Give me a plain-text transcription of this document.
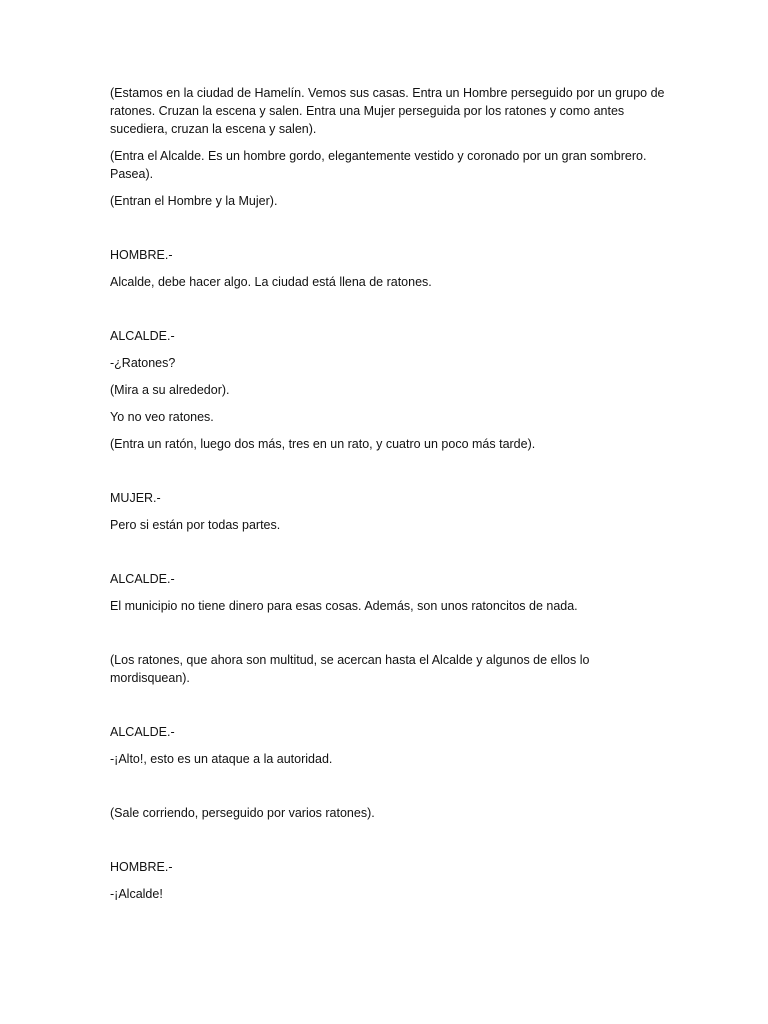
(Estamos en la ciudad de Hamelín. Vemos sus casas. Entra un Hombre perseguido por un grupo de ratones. Cruzan la escena y salen. Entra una Mujer perseguida por los ratones y como antes sucediera, cruzan la escena y salen).

(Entra el Alcalde. Es un hombre gordo, elegantemente vestido y coronado por un gran sombrero. Pasea).

(Entran el Hombre y la Mujer).

HOMBRE.-

Alcalde, debe hacer algo. La ciudad está llena de ratones.

ALCALDE.-

-¿Ratones?

(Mira a su alrededor).

Yo no veo ratones.

(Entra un ratón, luego dos más, tres en un rato, y cuatro un poco más tarde).

MUJER.-

Pero si están por todas partes.

ALCALDE.-

El municipio no tiene dinero para esas cosas. Además, son unos ratoncitos de nada.

(Los ratones, que ahora son multitud, se acercan hasta el Alcalde y algunos de ellos lo mordisquean).

ALCALDE.-

-¡Alto!, esto es un ataque a la autoridad.

(Sale corriendo, perseguido por varios ratones).

HOMBRE.-

-¡Alcalde!
